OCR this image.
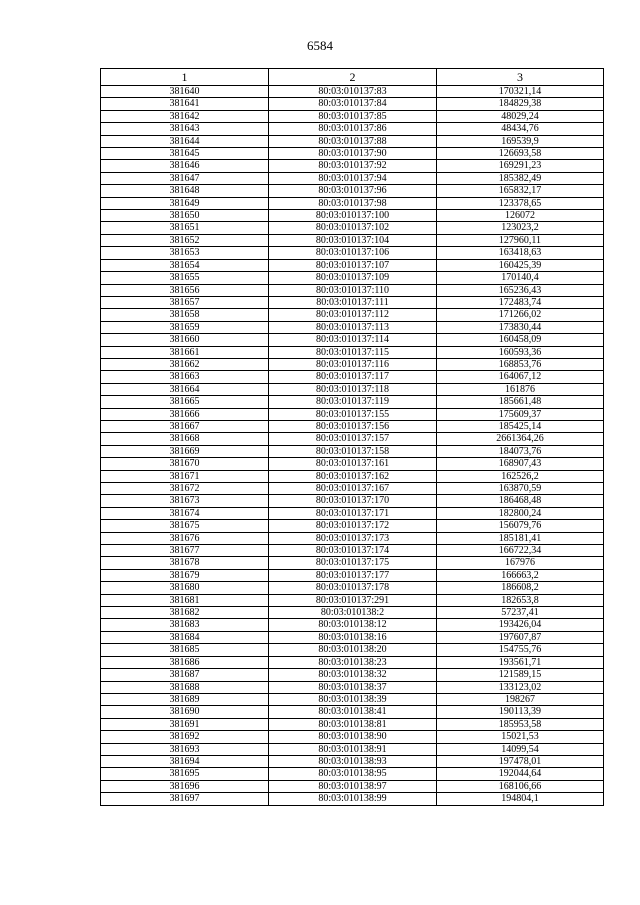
6584
1	2	3
381640	80:03:010137:83	170321,14
381641	80:03:010137:84	184829,38
381642	80:03:010137:85	48029,24
381643	80:03:010137:86	48434,76
381644	80:03:010137:88	169539,9
381645	80:03:010137:90	126693,58
381646	80:03:010137:92	169291,23
381647	80:03:010137:94	185382,49
381648	80:03:010137:96	165832,17
381649	80:03:010137:98	123378,65
381650	80:03:010137:100	126072
381651	80:03:010137:102	123023,2
381652	80:03:010137:104	127960,11
381653	80:03:010137:106	163418,63
381654	80:03:010137:107	160425,39
381655	80:03:010137:109	170140,4
381656	80:03:010137:110	165236,43
381657	80:03:010137:111	172483,74
381658	80:03:010137:112	171266,02
381659	80:03:010137:113	173830,44
381660	80:03:010137:114	160458,09
381661	80:03:010137:115	160593,36
381662	80:03:010137:116	168853,76
381663	80:03:010137:117	164067,12
381664	80:03:010137:118	161876
381665	80:03:010137:119	185661,48
381666	80:03:010137:155	175609,37
381667	80:03:010137:156	185425,14
381668	80:03:010137:157	2661364,26
381669	80:03:010137:158	184073,76
381670	80:03:010137:161	168907,43
381671	80:03:010137:162	162526,2
381672	80:03:010137:167	163870,59
381673	80:03:010137:170	186468,48
381674	80:03:010137:171	182800,24
381675	80:03:010137:172	156079,76
381676	80:03:010137:173	185181,41
381677	80:03:010137:174	166722,34
381678	80:03:010137:175	167976
381679	80:03:010137:177	166663,2
381680	80:03:010137:178	186608,2
381681	80:03:010137:291	182653,8
381682	80:03:010138:2	57237,41
381683	80:03:010138:12	193426,04
381684	80:03:010138:16	197607,87
381685	80:03:010138:20	154755,76
381686	80:03:010138:23	193561,71
381687	80:03:010138:32	121589,15
381688	80:03:010138:37	133123,02
381689	80:03:010138:39	198267
381690	80:03:010138:41	190113,39
381691	80:03:010138:81	185953,58
381692	80:03:010138:90	15021,53
381693	80:03:010138:91	14099,54
381694	80:03:010138:93	197478,01
381695	80:03:010138:95	192044,64
381696	80:03:010138:97	168106,66
381697	80:03:010138:99	194804,1
